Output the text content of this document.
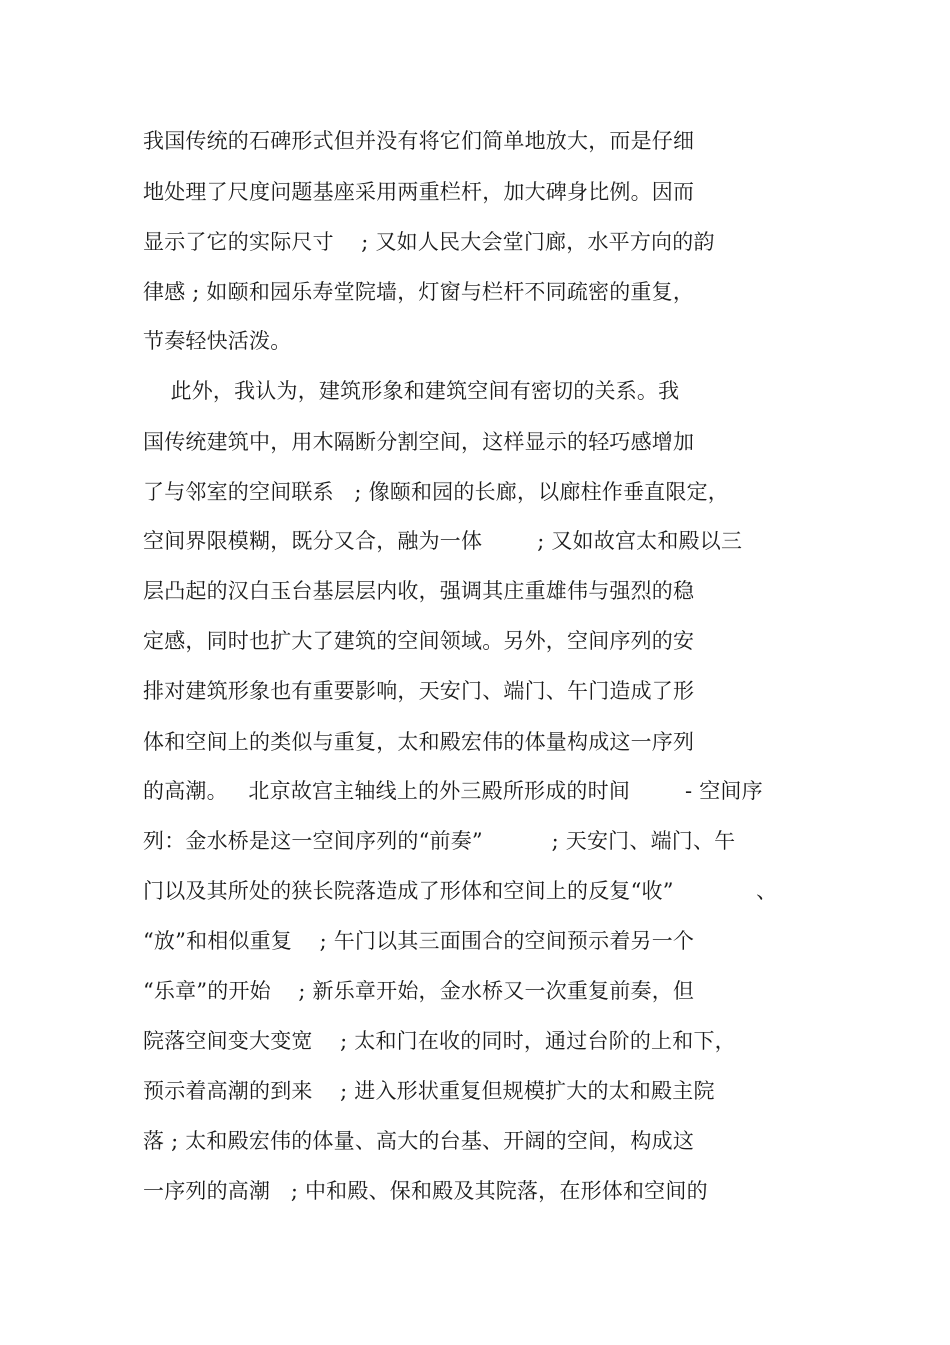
我国传统的石碑形式但并没有将它们简单地放大，而是仔细
地处理了尺度问题基座采用两重栏杆，加大碑身比例。因而
显示了它的实际尺寸    ; 又如人民大会堂门廊，水平方向的韵
律感 ; 如颐和园乐寿堂院墙，灯窗与栏杆不同疏密的重复，
节奏轻快活泼。
此外，我认为，建筑形象和建筑空间有密切的关系。我
国传统建筑中，用木隔断分割空间，这样显示的轻巧感增加
了与邻室的空间联系   ; 像颐和园的长廊，以廊柱作垂直限定，
空间界限模糊，既分又合，融为一体        ; 又如故宫太和殿以三
层凸起的汉白玉台基层层内收，强调其庄重雄伟与强烈的稳
定感，同时也扩大了建筑的空间领域。另外，空间序列的安
排对建筑形象也有重要影响，天安门、端门、午门造成了形
体和空间上的类似与重复，太和殿宏伟的体量构成这一序列
的高潮。   北京故宫主轴线上的外三殿所形成的时间        - 空间序
列：金水桥是这一空间序列的“前奏”          ; 天安门、端门、午
门以及其所处的狭长院落造成了形体和空间上的反复“收”            、
“放”和相似重复    ; 午门以其三面围合的空间预示着另一个
“乐章”的开始    ; 新乐章开始，金水桥又一次重复前奏，但
院落空间变大变宽    ; 太和门在收的同时，通过台阶的上和下，
预示着高潮的到来    ; 进入形状重复但规模扩大的太和殿主院
落 ; 太和殿宏伟的体量、高大的台基、开阔的空间，构成这
一序列的高潮   ; 中和殿、保和殿及其院落，在形体和空间的
